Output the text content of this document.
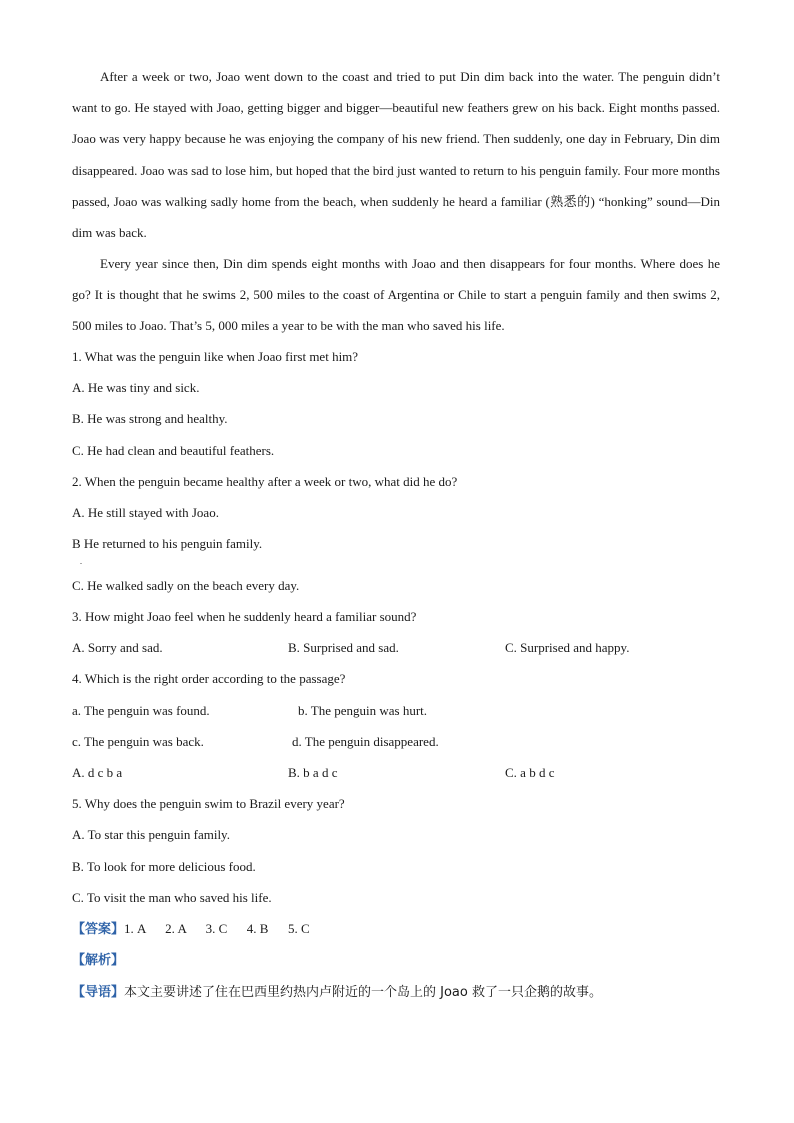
After a week or two, Joao went down to the coast and tried to put Din dim back into the water. The penguin didn’t want to go. He stayed with Joao, getting bigger and bigger—beautiful new feathers grew on his back. Eight months passed. Joao was very happy because he was enjoying the company of his new friend. Then suddenly, one day in February, Din dim disappeared. Joao was sad to lose him, but hoped that the bird just wanted to return to his penguin family. Four more months passed, Joao was walking sadly home from the beach, when suddenly he heard a familiar (熟悉的) “honking” sound—Din dim was back.

Every year since then, Din dim spends eight months with Joao and then disappears for four months. Where does he go? It is thought that he swims 2, 500 miles to the coast of Argentina or Chile to start a penguin family and then swims 2, 500 miles to Joao. That’s 5, 000 miles a year to be with the man who saved his life.

1. What was the penguin like when Joao first met him?
A. He was tiny and sick.
B. He was strong and healthy.
C. He had clean and beautiful feathers.
2. When the penguin became healthy after a week or two, what did he do?
A. He still stayed with Joao.
B He returned to his penguin family.
.
C. He walked sadly on the beach every day.
3. How might Joao feel when he suddenly heard a familiar sound?
A. Sorry and sad.	B. Surprised and sad.	C. Surprised and happy.
4. Which is the right order according to the passage?
a. The penguin was found.	b. The penguin was hurt.
c. The penguin was back.	d. The penguin disappeared.
A. d c b a	B. b a d c	C. a b d c
5. Why does the penguin swim to Brazil every year?
A. To star this penguin family.
B. To look for more delicious food.
C. To visit the man who saved his life.
【答案】1. A      2. A      3. C      4. B      5. C
【解析】
【导语】本文主要讲述了住在巴西里约热内卢附近的一个岛上的 Joao 救了一只企鹅的故事。
